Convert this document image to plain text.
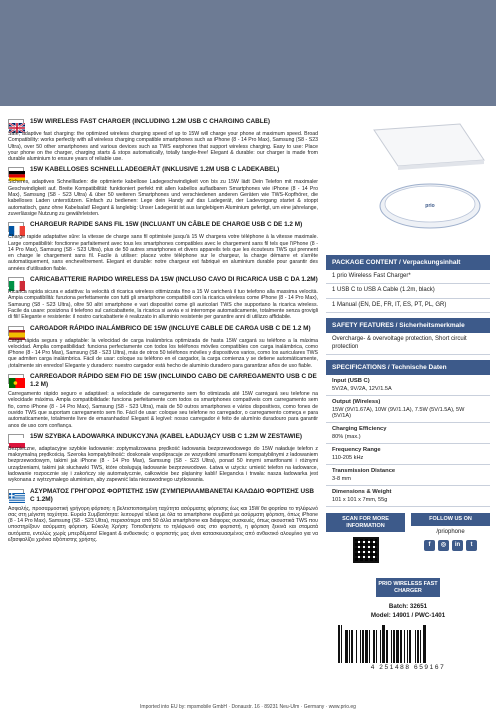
prio
15W WIRELESS FAST CHARGER (INCLUDING 1.2M USB C CHARGING CABLE)
Safe, adaptive fast charging: the optimized wireless charging speed of up to 15W will charge your phone at maximum speed. Broad Compatibility: works perfectly with all wireless charging compatible smartphones such as iPhone (8 - 14 Pro Max), Samsung (S8 - S23 Ultra), over 50 other smartphones and various devices such as TWS earphones that support wireless charging. Easy to use: Place your phone on the charger, charging starts & stops automatically, totally tangle-free! Elegant & durable: our charger is made from durable aluminium to ensure years of reliable use.
15W KABELLOSES SCHNELLLADEGERÄT (INKLUSIVE 1.2M USB C LADEKABEL)
Sicheres, adaptives Schnellladen: die optimierte kabellose Ladegeschwindigkeit von bis zu 15W lädt Dein Telefon mit maximaler Geschwindigkeit auf. Breite Kompatibilität: funktioniert perfekt mit allen kabellos aufladbaren Smartphones wie iPhone (8 - 14 Pro Max), Samsung (S8 - S23 Ultra) & über 50 weiteren Smartphones und verschiedenen anderen Geräten wie TWS-Kopfhörer, die kabelloses Laden unterstützen. Einfach zu bedienen: Lege dein Handy auf das Ladegerät, der Ladevorgang startet & stoppt automatisch, ganz ohne Kabelsalat! Elegant & langlebig: Unser Ladegerät ist aus langlebigem Aluminium gefertigt, um eine jahrelange, zuverlässige Nutzung zu gewährleisten.
CHARGEUR RAPIDE SANS FIL 15W (INCLUANT UN CÂBLE DE CHARGE USB C DE 1.2 M)
Charge rapide adaptative sûre: la vitesse de charge sans fil optimisée jusqu'à 15 W chargera votre téléphone à la vitesse maximale. Large compatibilité: fonctionne parfaitement avec tous les smartphones compatibles avec le chargement sans fil tels que l'iPhone (8 - 14 Pro Max), Samsung (S8 - S23 Ultra), plus de 50 autres smartphones et divers appareils tels que les écouteurs TWS qui prennent en charge le chargement sans fil. Facile à utiliser: placez votre téléphone sur le chargeur, la charge démarre et s'arrête automatiquement, sans enchevêtrement. Elegant et durable: notre chargeur est fabriqué en aluminium durable pour garantir des années d'utilisation fiable.
CARICABATTERIE RAPIDO WIRELESS DA 15W (INCLUSO CAVO DI RICARICA USB C DA 1.2M)
Ricarica rapida sicura e adattiva: la velocità di ricarica wireless ottimizzata fino a 15 W caricherà il tuo telefono alla massima velocità. Ampia compatibilità: funziona perfettamente con tutti gli smartphone compatibili con la ricarica wireless come iPhone (8 - 14 Pro Max), Samsung (S8 - S23 Ultra), oltre 50 altri smartphone e vari dispositivi come gli auricolari TWS che supportano la ricarica wireless. Facile da usare: posiziona il telefono sul caricabatterie, la ricarica si avvia e si interrompe automaticamente, totalmente senza grovigli di fili! Elegante e resistente: il nostro caricabatterie è realizzato in alluminio resistente per garantire anni di utilizzo affidabile.
CARGADOR RÁPIDO INALÁMBRICO DE 15W (INCLUYE CABLE DE CARGA USB C DE 1.2 M)
Carga rápida segura y adaptable: la velocidad de carga inalámbrica optimizada de hasta 15W cargará su teléfono a la máxima velocidad. Amplia compatibilidad: funciona perfectamente con todos los teléfonos móviles compatibles con carga inalámbrica, como iPhone (8 - 14 Pro Max), Samsung (S8 - S23 Ultra), más de otros 50 teléfonos móviles y dispositivos varios, como los auriculares TWS que admiten carga inalámbrica. Fácil de usar: coloque su teléfono en el cargador, la carga comienza y se detiene automáticamente, ¡totalmente sin enredos! Elegante y duradero: nuestro cargador está hecho de aluminio duradero para garantizar años de uso fiable.
CARREGADOR RÁPIDO SEM FIO DE 15W (INCLUINDO CABO DE CARREGAMENTO USB C DE 1.2 M)
Carregamento rápido seguro e adaptável: a velocidade de carregamento sem fio otimizada até 15W carregará seu telefone na velocidade máxima. Ampla compatibilidade: funciona perfeitamente com todos os smartphones compatíveis com carregamento sem fio, como iPhone (8 - 14 Pro Max), Samsung (S8 - S23 Ultra), mais de 50 outros smartphones e vários dispositivos, como fones de ouvido TWS que suportam carregamento sem fio. Fácil de usar: coloque seu telefone no carregador, o carregamento começa e para automaticamente, totalmente livre de emaranhados! Elegant & legível: nosso carregador é feito de alumínio duradouro para garantir anos de uso com confiança.
15W SZYBKA ŁADOWARKA INDUKCYJNA (KABEL ŁADUJĄCY USB C 1.2M W ZESTAWIE)
Bezpieczne, adaptacyjne szybkie ładowanie: zoptymalizowana prędkość ładowania bezprzewodowego do 15W naładuje telefon z maksymalną prędkością. Szeroka kompatybilność: doskonale współpracuje ze wszystkimi smartfonami kompatybilnymi z ładowaniem bezprzewodowym, takimi jak iPhone (8 - 14 Pro Max), Samsung (S8 - S23 Ultra), ponad 50 innymi smartfonami i różnymi urządzeniami, takimi jak słuchawki TWS, które obsługują ładowanie bezprzewodowe. Łatwa w użyciu: umieść telefon na ładowarce, ładowanie rozpocznie się i zakończy się automatycznie, całkowicie bez plątaniny kabli! Elegancka i trwała: nasza ładowarka jest wykonana z wytrzymałego aluminium, aby zapewnić lata niezawodnego użytkowania.
ΑΣΥΡΜΑΤΟΣ ΓΡΗΓΟΡΟΣ ΦΟΡΤΙΣΤΗΣ 15W (ΣΥΜΠΕΡΙΛΑΜΒΑΝΕΤΑΙ ΚΑΛΩΔΙΟ ΦΟΡΤΙΣΗΣ USB C 1.2M)
Ασφαλής, προσαρμοστική γρήγορη φόρτιση: η βελτιστοποιημένη ταχύτητα ασύρματης φόρτισης έως και 15W θα φορτίσει το τηλέφωνό σας στη μέγιστη ταχύτητα. Ευρεία Συμβατότητα: λειτουργεί τέλεια με όλα τα smartphone συμβατά με ασύρματη φόρτιση, όπως iPhone (8 - 14 Pro Max), Samsung (S8 - S23 Ultra), περισσότερα από 50 άλλα smartphone και διάφορες συσκευές, όπως ακουστικά TWS που υποστηρίζουν ασύρματη φόρτιση. Εύκολη Χρήση: Τοποθετήστε το τηλέφωνό σας στο φορτιστή, η φόρτιση ξεκινά και σταματά αυτόματα, εντελώς χωρίς μπερδέματα! Elegant & ανθεκτικός: ο φορτιστής μας είναι κατασκευασμένος από ανθεκτικό αλουμίνιο για να εξασφαλίζει χρόνια αξιόπιστης χρήσης.
PACKAGE CONTENT / Verpackungsinhalt
1 prio Wireless Fast Charger*
1 USB C to USB A Cable (1.2m, black)
1 Manual (EN, DE, FR, IT, ES, PT, PL, GR)
SAFETY FEATURES / Sicherheitsmerkmale
Overcharge- & overvoltage protection, Short circuit protection
SPECIFICATIONS / Technische Daten
Input (USB C)
5V/2A, 9V/2A, 12V/1.5A
Output (Wireless)
15W (9V/1.67A), 10W (9V/1.1A), 7.5W (5V/1.5A), 5W (5V/1A)
Charging Efficiency
80% (max.)
Frequency Range
110-205 kHz
Transmission Distance
3-8 mm
Dimensions & Weight
101 x 101 x 7mm, 55g
SCAN FOR MORE INFORMATION
FOLLOW US ON
/priophone
f	◎	in	t
PRIO WIRELESS FAST CHARGER
Batch: 32651
Model: 14901 / PWC-1401
4 251488 659167
Imported into EU by: mpsmobile GmbH · Donaustr. 16 · 89231 Neu-Ulm · Germany · www.prio.eg
